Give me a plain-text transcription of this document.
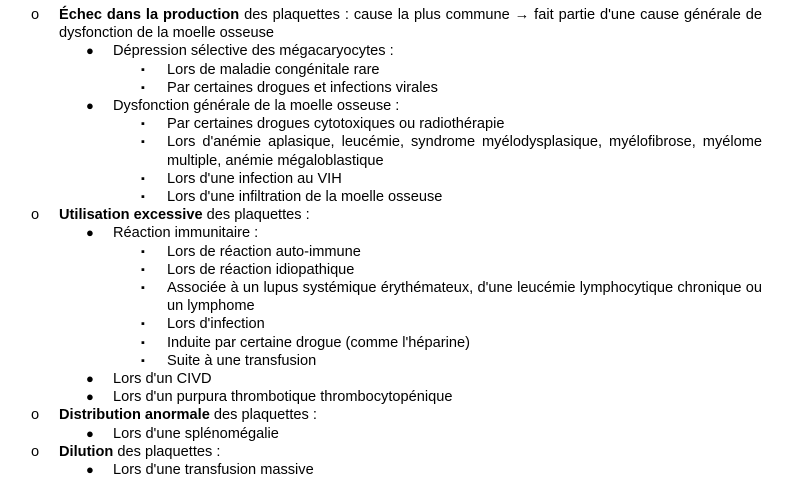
o Échec dans la production des plaquettes : cause la plus commune → fait partie d'une cause générale de dysfonction de la moelle osseuse
● Dépression sélective des mégacaryocytes :
▪ Lors de maladie congénitale rare
▪ Par certaines drogues et infections virales
● Dysfonction générale de la moelle osseuse :
▪ Par certaines drogues cytotoxiques ou radiothérapie
▪ Lors d'anémie aplasique, leucémie, syndrome myélodysplasique, myélofibrose, myélome multiple, anémie mégaloblastique
▪ Lors d'une infection au VIH
▪ Lors d'une infiltration de la moelle osseuse
o Utilisation excessive des plaquettes :
● Réaction immunitaire :
▪ Lors de réaction auto-immune
▪ Lors de réaction idiopathique
▪ Associée à un lupus systémique érythémateux, d'une leucémie lymphocytique chronique ou un lymphome
▪ Lors d'infection
▪ Induite par certaine drogue (comme l'héparine)
▪ Suite à une transfusion
● Lors d'un CIVD
● Lors d'un purpura thrombotique thrombocytopénique
o Distribution anormale des plaquettes :
● Lors d'une splénomégalie
o Dilution des plaquettes :
● Lors d'une transfusion massive
